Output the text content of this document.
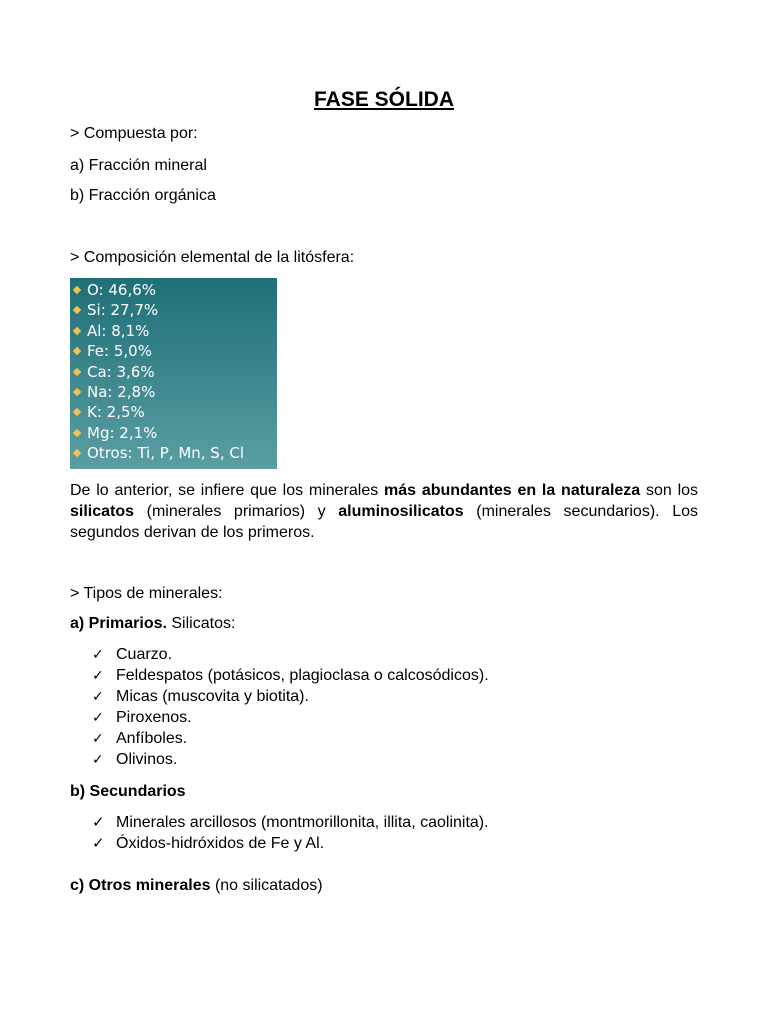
FASE SÓLIDA
> Compuesta por:
a) Fracción mineral
b) Fracción orgánica
> Composición elemental de la litósfera:
O: 46,6%
Si: 27,7%
Al: 8,1%
Fe: 5,0%
Ca: 3,6%
Na: 2,8%
K: 2,5%
Mg: 2,1%
Otros: Ti, P, Mn, S, Cl
De lo anterior, se infiere que los minerales más abundantes en la naturaleza son los silicatos (minerales primarios) y aluminosilicatos (minerales secundarios). Los segundos derivan de los primeros.
> Tipos de minerales:
a) Primarios. Silicatos:
✓ Cuarzo.
✓ Feldespatos (potásicos, plagioclasa o calcosódicos).
✓ Micas (muscovita y biotita).
✓ Piroxenos.
✓ Anfíboles.
✓ Olivinos.
b) Secundarios
✓ Minerales arcillosos (montmorillonita, illita, caolinita).
✓ Óxidos-hidróxidos de Fe y Al.
c) Otros minerales (no silicatados)
